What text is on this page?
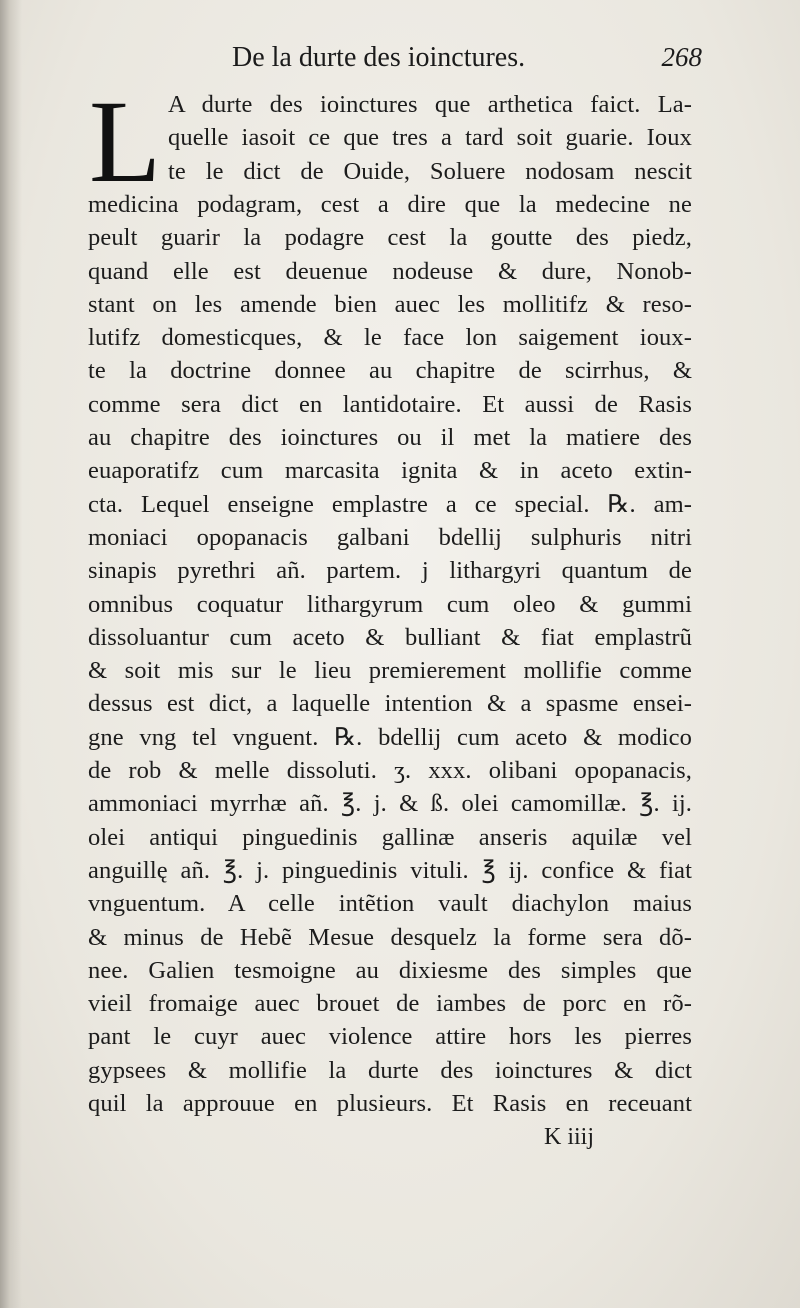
De la durte des ioinctures.	268
L A durte des ioinctures que arthetica faict. La-
quelle iasoit ce que tres a tard soit guarie. Ioux
te le dict de Ouide, Soluere nodosam nescit
medicina podagram, cest a dire que la medecine ne
peult guarir la podagre cest la goutte des piedz,
quand elle est deuenue nodeuse & dure, Nonob-
stant on les amende bien auec les mollitifz & reso-
lutifz domesticques, & le face lon saigement ioux-
te la doctrine donnee au chapitre de scirrhus, &
comme sera dict en lantidotaire. Et aussi de Rasis
au chapitre des ioinctures ou il met la matiere des
euaporatifz cum marcasita ignita & in aceto extin-
cta. Lequel enseigne emplastre a ce special. ℞. am-
moniaci opopanacis galbani bdellij sulphuris nitri
sinapis pyrethri añ. partem. j lithargyri quantum de
omnibus coquatur lithargyrum cum oleo & gummi
dissoluantur cum aceto & bulliant & fiat emplastrũ
& soit mis sur le lieu premierement mollifie comme
dessus est dict, a laquelle intention & a spasme ensei-
gne vng tel vnguent. ℞. bdellij cum aceto & modico
de rob & melle dissoluti. ʒ. xxx. olibani opopanacis,
ammoniaci myrrhæ añ. ℥. j. & ß. olei camomillæ. ℥. ij.
olei antiqui pinguedinis gallinæ anseris aquilæ vel
anguillę añ. ℥. j. pinguedinis vituli. ℥ ij. confice & fiat
vnguentum. A celle intẽtion vault diachylon maius
& minus de Hebẽ Mesue desquelz la forme sera dõ-
nee. Galien tesmoigne au dixiesme des simples que
vieil fromaige auec brouet de iambes de porc en rõ-
pant le cuyr auec violence attire hors les pierres
gypsees & mollifie la durte des ioinctures & dict
quil la approuue en plusieurs. Et Rasis en receuant
K iiij
